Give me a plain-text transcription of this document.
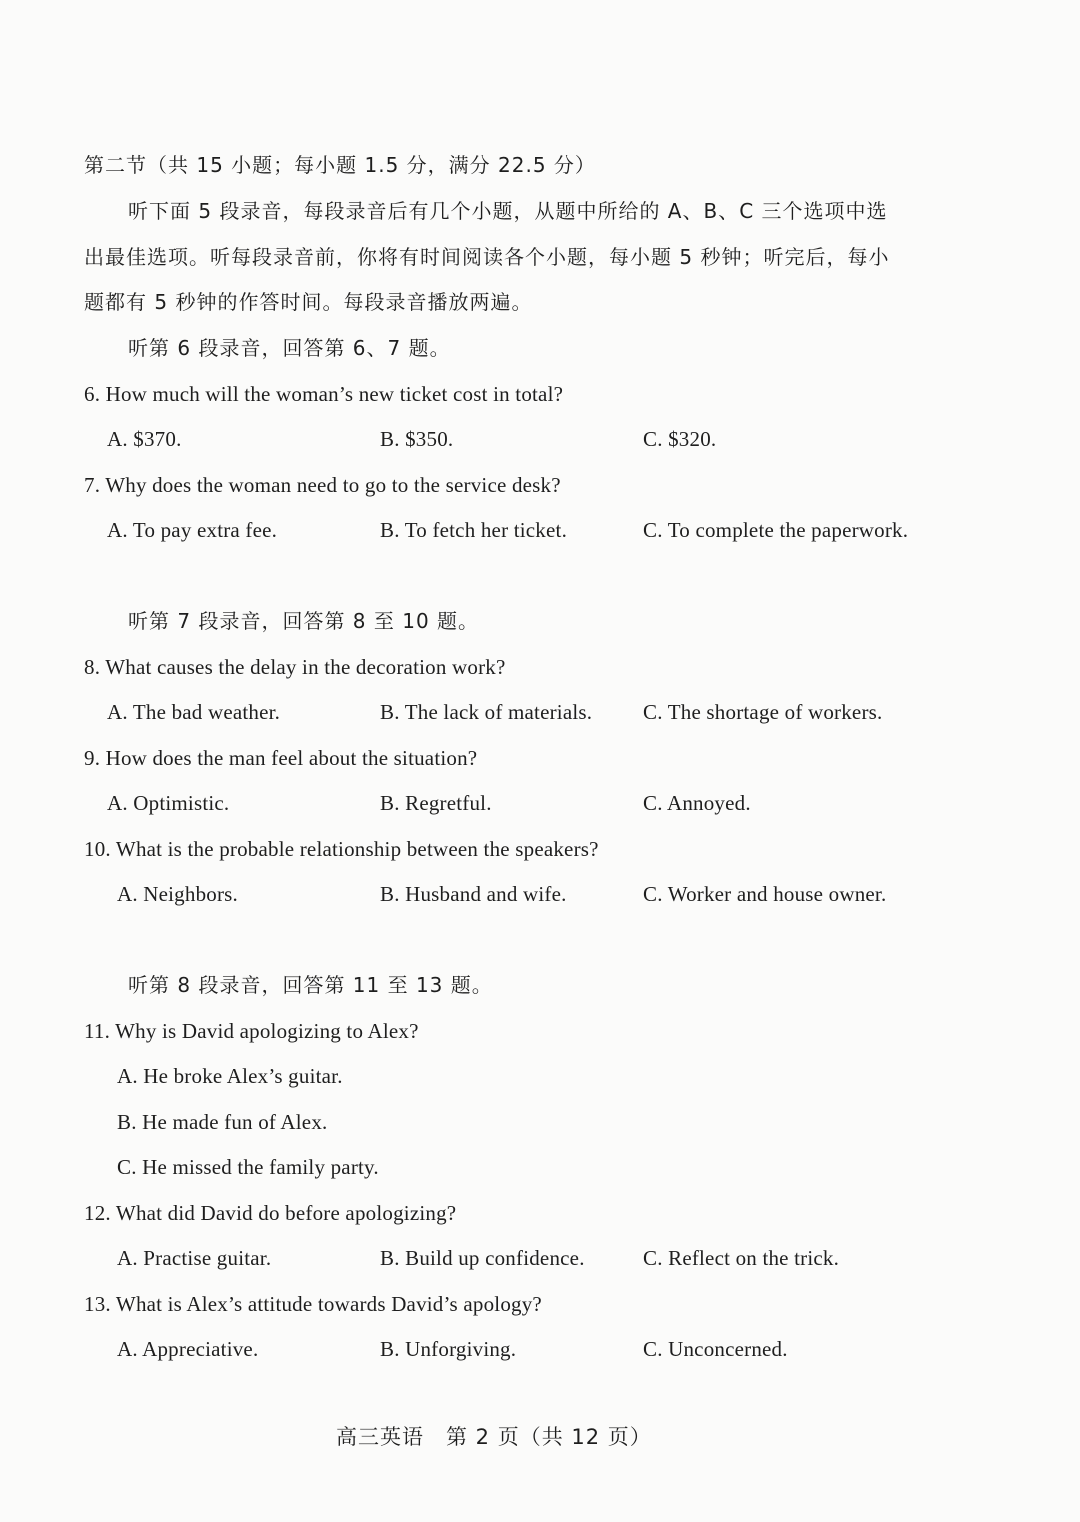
第二节（共 15 小题；每小题 1.5 分，满分 22.5 分）
听下面 5 段录音，每段录音后有几个小题，从题中所给的 A、B、C 三个选项中选
出最佳选项。听每段录音前，你将有时间阅读各个小题，每小题 5 秒钟；听完后，每小
题都有 5 秒钟的作答时间。每段录音播放两遍。
听第 6 段录音，回答第 6、7 题。
6. How much will the woman’s new ticket cost in total?
A. $370.	B. $350.	C. $320.
7. Why does the woman need to go to the service desk?
A. To pay extra fee.	B. To fetch her ticket.	C. To complete the paperwork.
听第 7 段录音，回答第 8 至 10 题。
8. What causes the delay in the decoration work?
A. The bad weather.	B. The lack of materials. C. The shortage of workers.
9. How does the man feel about the situation?
A. Optimistic.	B. Regretful.	C. Annoyed.
10. What is the probable relationship between the speakers?
A. Neighbors.	B. Husband and wife.	C. Worker and house owner.
听第 8 段录音，回答第 11 至 13 题。
11. Why is David apologizing to Alex?
A. He broke Alex’s guitar.
B. He made fun of Alex.
C. He missed the family party.
12. What did David do before apologizing?
A. Practise guitar.	B. Build up confidence.	C. Reflect on the trick.
13. What is Alex’s attitude towards David’s apology?
A. Appreciative.	B. Unforgiving.	C. Unconcerned.
高三英语　第 2 页（共 12 页）
